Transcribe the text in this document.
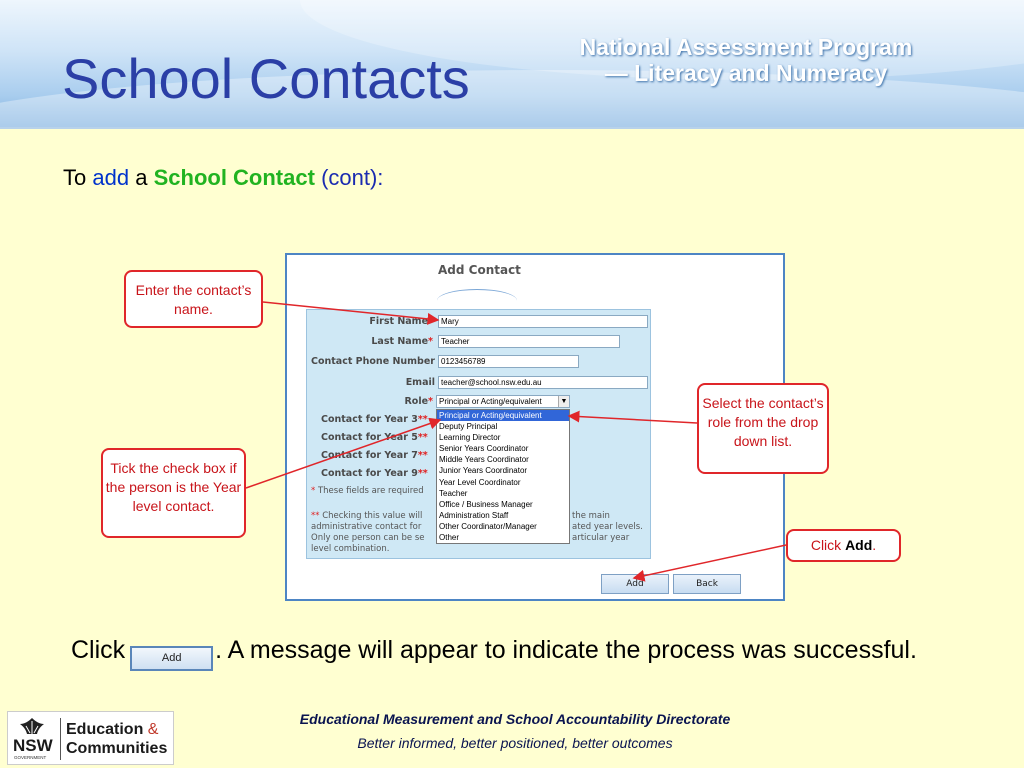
School Contacts	National Assessment Program
— Literacy and Numeracy
To add a School Contact (cont):
Add Contact
First Name*	Mary
Last Name*	Teacher
Contact Phone Number 0123456789
Email teacher@school.nsw.edu.au
Role* Principal or Acting/equivalent	▼
Contact for Year 3**
Contact for Year 5**
Contact for Year 7**
Contact for Year 9**
* These fields are required
** Checking this value will	the main
administrative contact for	ated year levels.
Only one person can be se	articular year
level combination.
Principal or Acting/equivalent
Deputy Principal
Learning Director
Senior Years Coordinator
Middle Years Coordinator
Junior Years Coordinator
Year Level Coordinator
Teacher
Office / Business Manager
Administration Staff
Other Coordinator/Manager
Other
Add	Back
Enter the contact’s name.
Tick the check box if the person is the Year level contact.
Select the contact’s role from the drop down list.
Click Add.
Click	Add . A message will appear to indicate the process was successful.
NSW
GOVERNMENT
Education &
Communities
Educational Measurement and School Accountability Directorate
Better informed, better positioned, better outcomes
